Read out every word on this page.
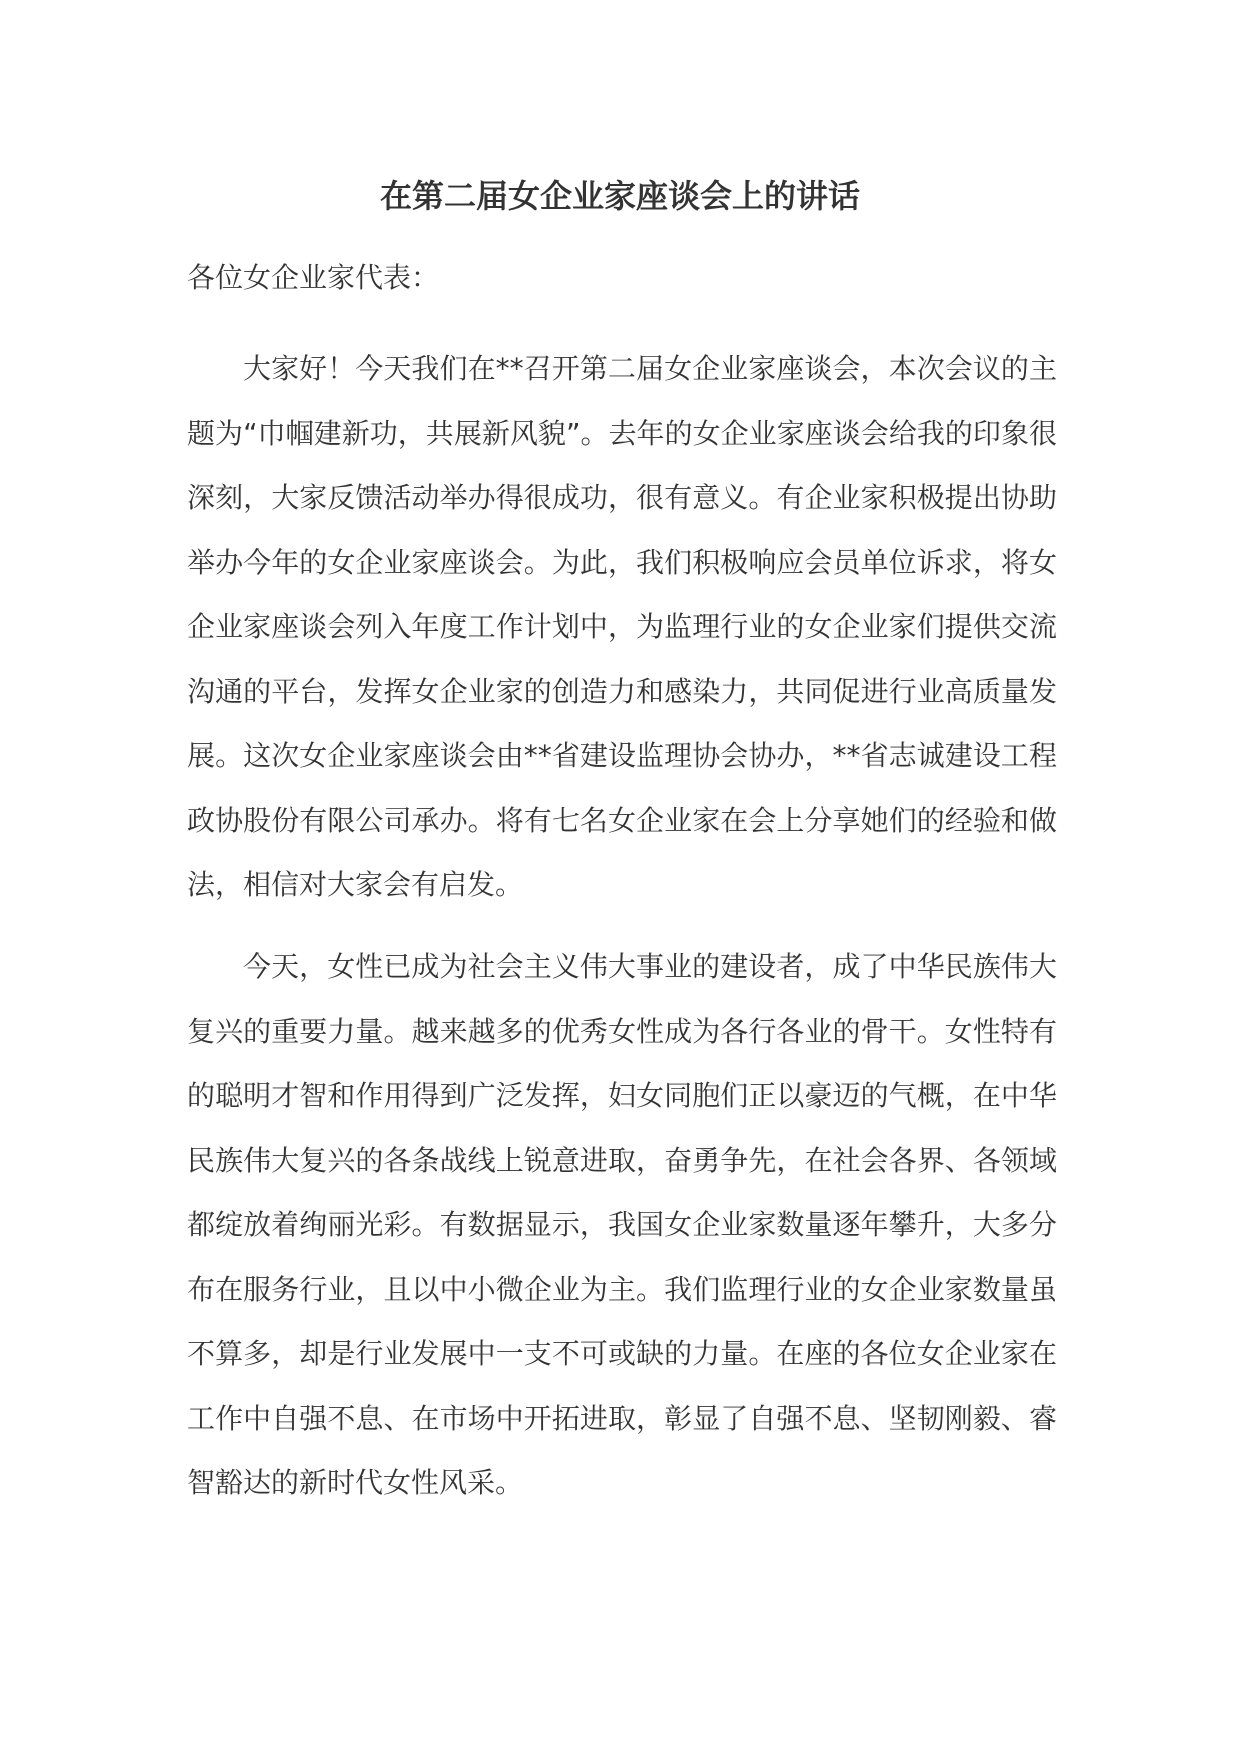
在第二届女企业家座谈会上的讲话

各位女企业家代表：

大家好！今天我们在**召开第二届女企业家座谈会，本次会议的主题为“巾帼建新功，共展新风貌”。去年的女企业家座谈会给我的印象很深刻，大家反馈活动举办得很成功，很有意义。有企业家积极提出协助举办今年的女企业家座谈会。为此，我们积极响应会员单位诉求，将女企业家座谈会列入年度工作计划中，为监理行业的女企业家们提供交流沟通的平台，发挥女企业家的创造力和感染力，共同促进行业高质量发展。这次女企业家座谈会由**省建设监理协会协办，**省志诚建设工程政协股份有限公司承办。将有七名女企业家在会上分享她们的经验和做法，相信对大家会有启发。

今天，女性已成为社会主义伟大事业的建设者，成了中华民族伟大复兴的重要力量。越来越多的优秀女性成为各行各业的骨干。女性特有的聪明才智和作用得到广泛发挥，妇女同胞们正以豪迈的气概，在中华民族伟大复兴的各条战线上锐意进取，奋勇争先，在社会各界、各领域都绽放着绚丽光彩。有数据显示，我国女企业家数量逐年攀升，大多分布在服务行业，且以中小微企业为主。我们监理行业的女企业家数量虽不算多，却是行业发展中一支不可或缺的力量。在座的各位女企业家在工作中自强不息、在市场中开拓进取，彰显了自强不息、坚韧刚毅、睿智豁达的新时代女性风采。
